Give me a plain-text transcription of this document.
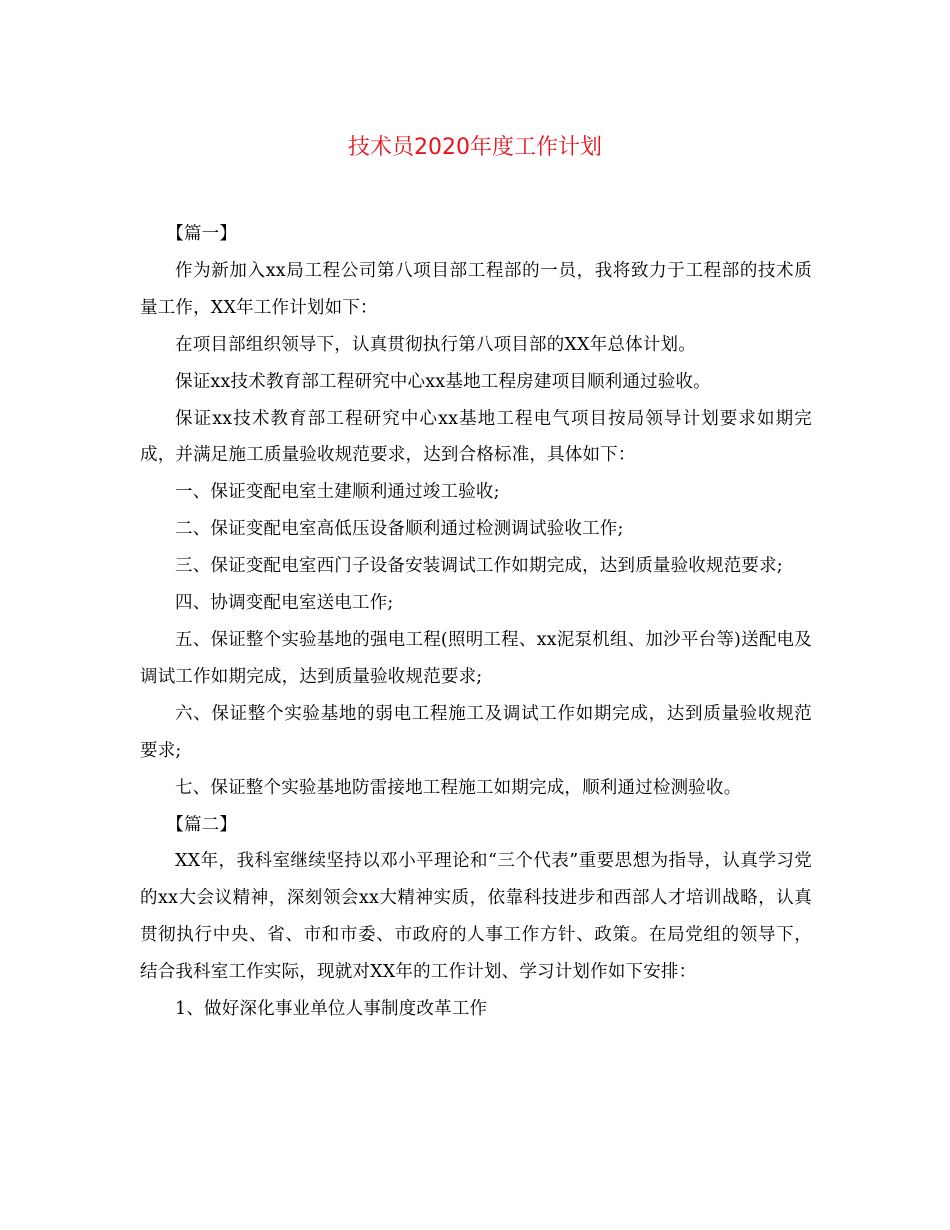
技术员2020年度工作计划

【篇一】

作为新加入xx局工程公司第八项目部工程部的一员，我将致力于工程部的技术质量工作，XX年工作计划如下：

在项目部组织领导下，认真贯彻执行第八项目部的XX年总体计划。

保证xx技术教育部工程研究中心xx基地工程房建项目顺利通过验收。

保证xx技术教育部工程研究中心xx基地工程电气项目按局领导计划要求如期完成，并满足施工质量验收规范要求，达到合格标准，具体如下：

一、保证变配电室土建顺利通过竣工验收;

二、保证变配电室高低压设备顺利通过检测调试验收工作;

三、保证变配电室西门子设备安装调试工作如期完成，达到质量验收规范要求;

四、协调变配电室送电工作;

五、保证整个实验基地的强电工程(照明工程、xx泥泵机组、加沙平台等)送配电及调试工作如期完成，达到质量验收规范要求;

六、保证整个实验基地的弱电工程施工及调试工作如期完成，达到质量验收规范要求;

七、保证整个实验基地防雷接地工程施工如期完成，顺利通过检测验收。

【篇二】

XX年，我科室继续坚持以邓小平理论和“三个代表”重要思想为指导，认真学习党的xx大会议精神，深刻领会xx大精神实质，依靠科技进步和西部人才培训战略，认真贯彻执行中央、省、市和市委、市政府的人事工作方针、政策。在局党组的领导下，结合我科室工作实际，现就对XX年的工作计划、学习计划作如下安排：

1、做好深化事业单位人事制度改革工作
